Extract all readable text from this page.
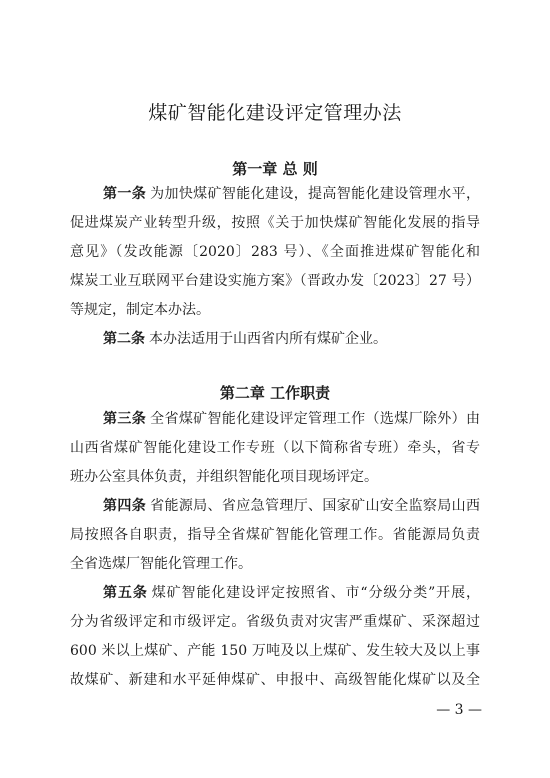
煤矿智能化建设评定管理办法
第一章 总 则
第一条 为加快煤矿智能化建设，提高智能化建设管理水平，
促进煤炭产业转型升级，按照《关于加快煤矿智能化发展的指导
意见》（发改能源〔2020〕283 号）、《全面推进煤矿智能化和
煤炭工业互联网平台建设实施方案》（晋政办发〔2023〕27 号）
等规定，制定本办法。
第二条 本办法适用于山西省内所有煤矿企业。
第二章 工作职责
第三条 全省煤矿智能化建设评定管理工作（选煤厂除外）由
山西省煤矿智能化建设工作专班（以下简称省专班）牵头，省专
班办公室具体负责，并组织智能化项目现场评定。
第四条 省能源局、省应急管理厅、国家矿山安全监察局山西
局按照各自职责，指导全省煤矿智能化管理工作。省能源局负责
全省选煤厂智能化管理工作。
第五条 煤矿智能化建设评定按照省、市“分级分类”开展，
分为省级评定和市级评定。省级负责对灾害严重煤矿、采深超过
600 米以上煤矿、产能 150 万吨及以上煤矿、发生较大及以上事
故煤矿、新建和水平延伸煤矿、申报中、高级智能化煤矿以及全
— 3 —
